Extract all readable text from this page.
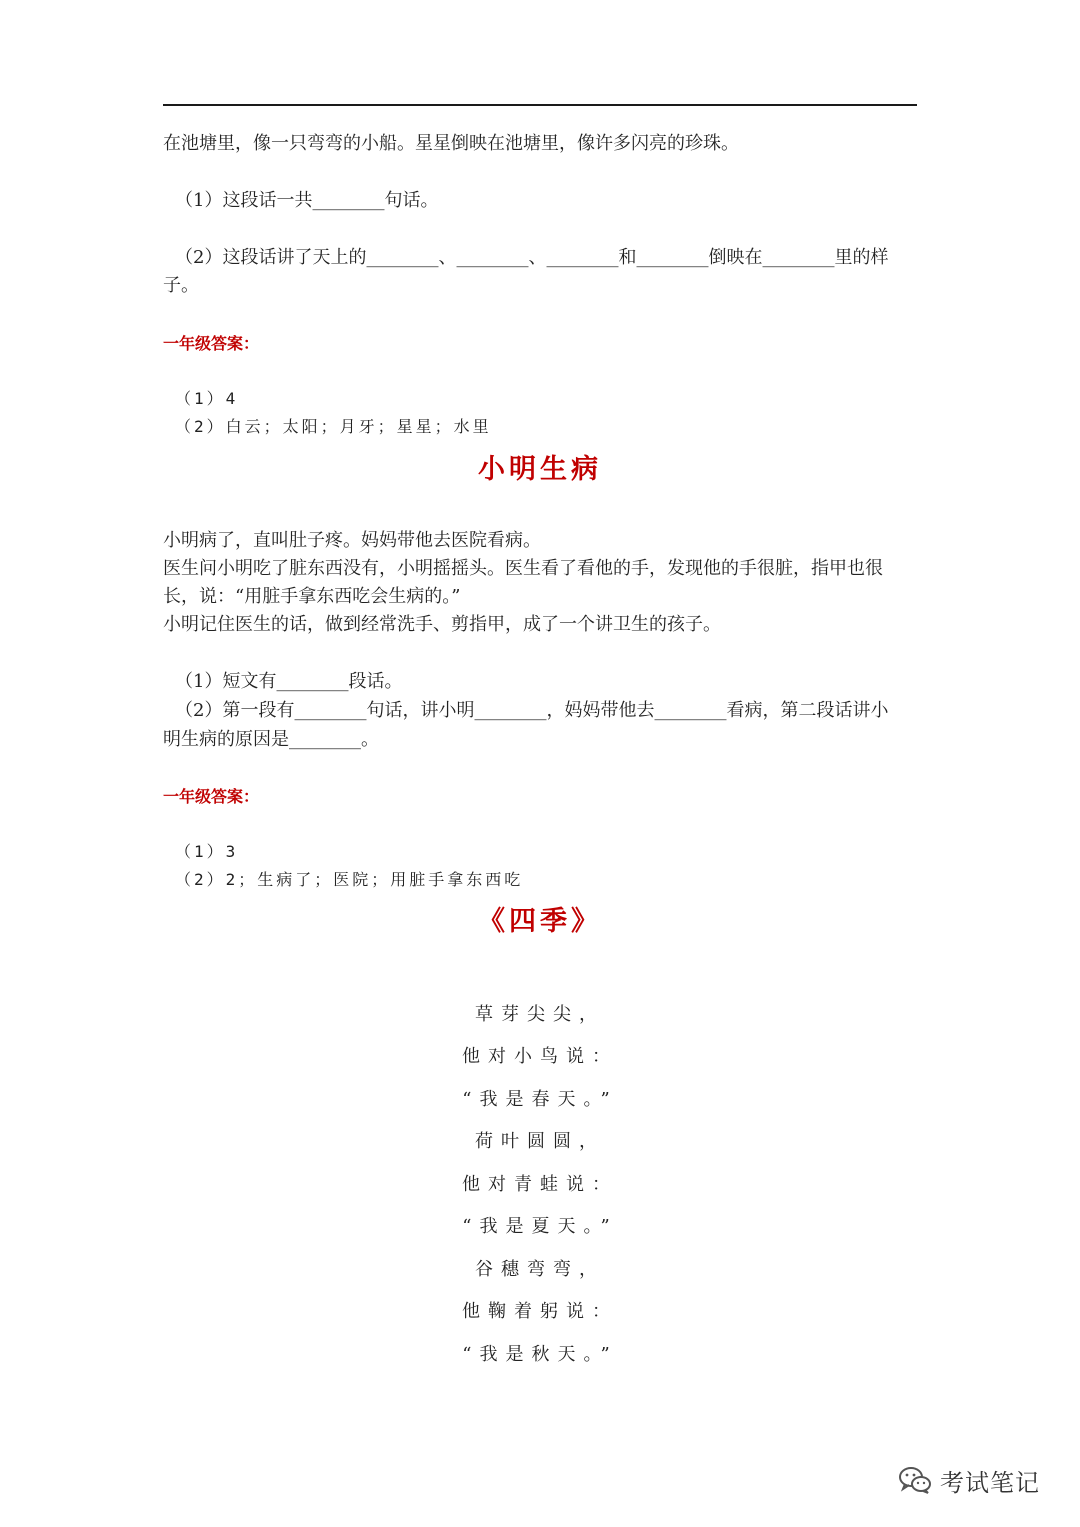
在池塘里，像一只弯弯的小船。星星倒映在池塘里，像许多闪亮的珍珠。
（1）这段话一共________句话。
（2）这段话讲了天上的________、________、________和________倒映在________里的样
子。
一年级答案：
（1）4
（2）白云；太阳；月牙；星星；水里
小明生病
小明病了，直叫肚子疼。妈妈带他去医院看病。
医生问小明吃了脏东西没有，小明摇摇头。医生看了看他的手，发现他的手很脏，指甲也很
长，说：“用脏手拿东西吃会生病的。”
小明记住医生的话，做到经常洗手、剪指甲，成了一个讲卫生的孩子。
（1）短文有________段话。
（2）第一段有________句话，讲小明________，妈妈带他去________看病，第二段话讲小
明生病的原因是________。
一年级答案：
（1）3
（2）2；生病了；医院；用脏手拿东西吃
《四季》
草芽尖尖，
他对小鸟说：
“我是春天。”
荷叶圆圆，
他对青蛙说：
“我是夏天。”
谷穗弯弯，
他鞠着躬说：
“我是秋天。”
考试笔记
